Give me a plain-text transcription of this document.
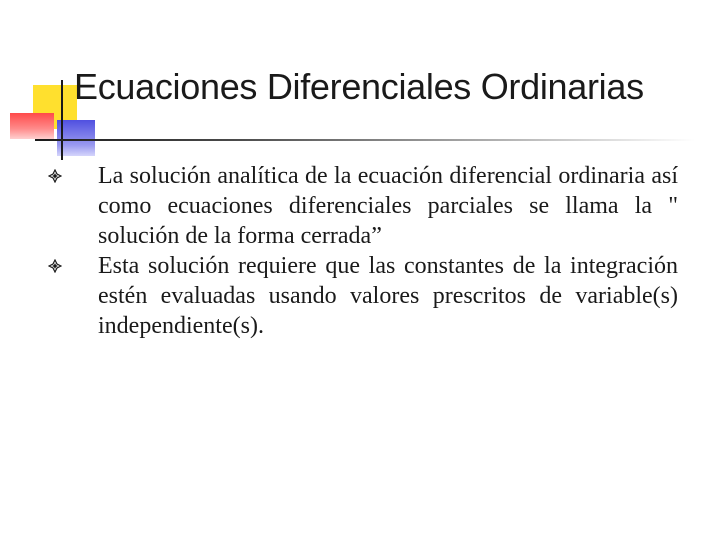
Ecuaciones Diferenciales Ordinarias
La solución analítica de la ecuación diferencial ordinaria así como ecuaciones diferenciales parciales se llama la " solución de la forma cerrada”
Esta solución requiere que las constantes de la integración estén evaluadas usando valores prescritos de variable(s) independiente(s).
